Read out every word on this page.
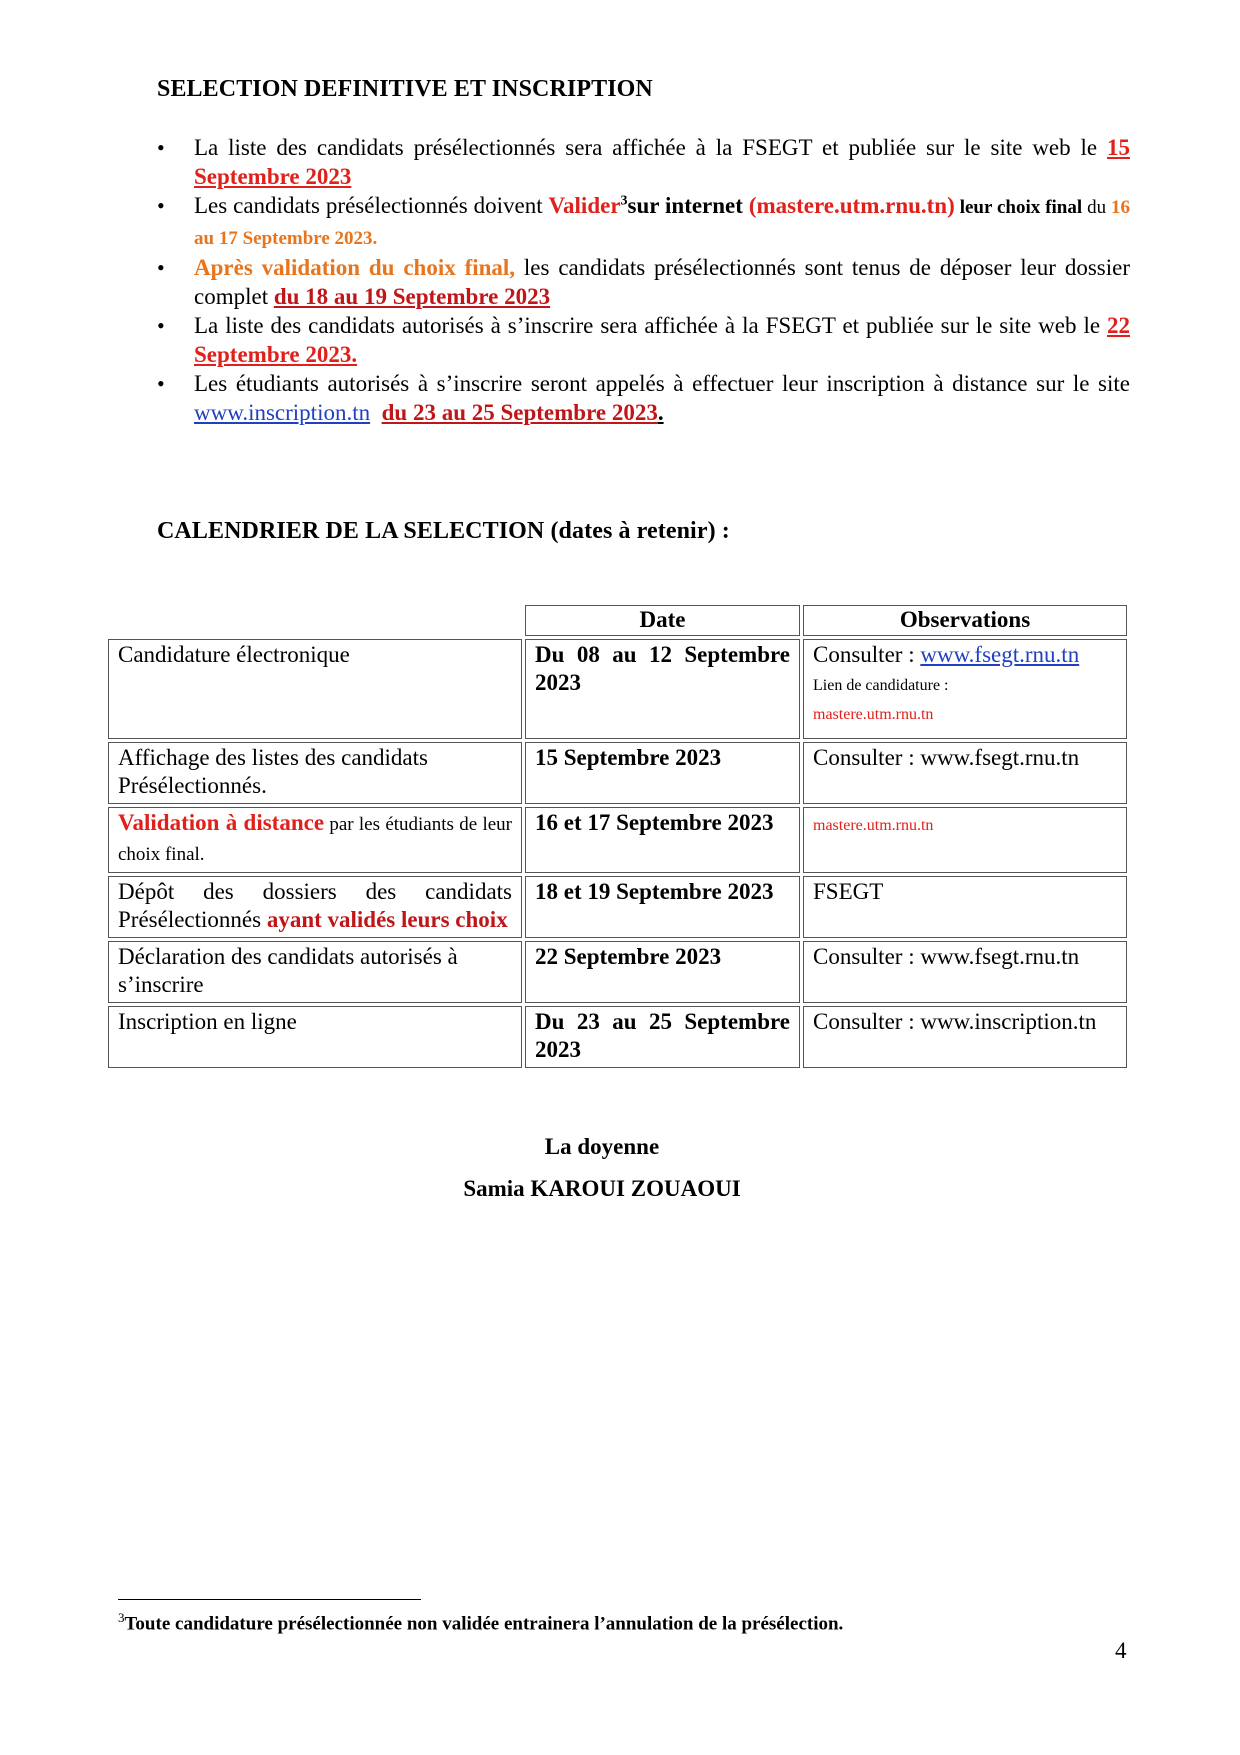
SELECTION DEFINITIVE ET INSCRIPTION
• La liste des candidats présélectionnés sera affichée à la FSEGT et publiée sur le site web le 15 Septembre 2023
• Les candidats présélectionnés doivent Valider$^3$sur internet (mastere.utm.rnu.tn) leur choix final du 16 au 17 Septembre 2023.
• Après validation du choix final, les candidats présélectionnés sont tenus de déposer leur dossier complet du 18 au 19 Septembre 2023
• La liste des candidats autorisés à s’inscrire sera affichée à la FSEGT et publiée sur le site web le 22 Septembre 2023.
• Les étudiants autorisés à s’inscrire seront appelés à effectuer leur inscription à distance sur le site www.inscription.tn du 23 au 25 Septembre 2023.
CALENDRIER DE LA SELECTION (dates à retenir) :
	Date	Observations
Candidature électronique	Du 08 au 12 Septembre 2023	Consulter : www.fsegt.rnu.tn
Lien de candidature :
mastere.utm.rnu.tn
Affichage des listes des candidats Présélectionnés.	15 Septembre 2023	Consulter : www.fsegt.rnu.tn
Validation à distance par les étudiants de leur choix final.	16 et 17 Septembre 2023	mastere.utm.rnu.tn
Dépôt des dossiers des candidats Présélectionnés ayant validés leurs choix	18 et 19 Septembre 2023	FSEGT
Déclaration des candidats autorisés à s’inscrire	22 Septembre 2023	Consulter : www.fsegt.rnu.tn
Inscription en ligne	Du 23 au 25 Septembre 2023	Consulter : www.inscription.tn
La doyenne
Samia KAROUI ZOUAOUI
$^3$Toute candidature présélectionnée non validée entrainera l’annulation de la présélection.
4
